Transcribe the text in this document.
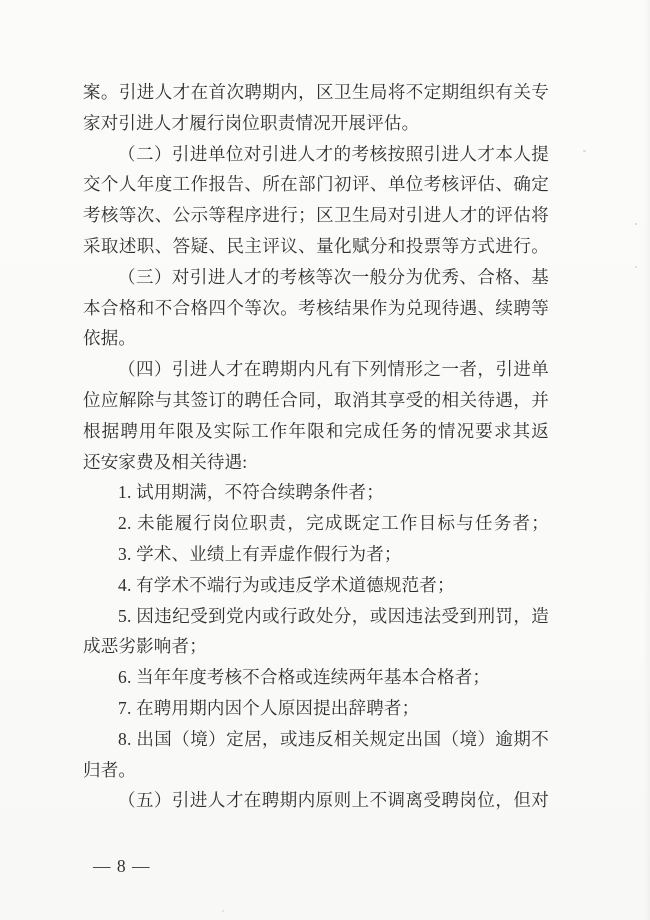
案。引进人才在首次聘期内，区卫生局将不定期组织有关专
家对引进人才履行岗位职责情况开展评估。
（二）引进单位对引进人才的考核按照引进人才本人提
交个人年度工作报告、所在部门初评、单位考核评估、确定
考核等次、公示等程序进行；区卫生局对引进人才的评估将
采取述职、答疑、民主评议、量化赋分和投票等方式进行。
（三）对引进人才的考核等次一般分为优秀、合格、基
本合格和不合格四个等次。考核结果作为兑现待遇、续聘等
依据。
（四）引进人才在聘期内凡有下列情形之一者，引进单
位应解除与其签订的聘任合同，取消其享受的相关待遇，并
根据聘用年限及实际工作年限和完成任务的情况要求其返
还安家费及相关待遇:
1. 试用期满，不符合续聘条件者；
2. 未能履行岗位职责，完成既定工作目标与任务者；
3. 学术、业绩上有弄虚作假行为者；
4. 有学术不端行为或违反学术道德规范者；
5. 因违纪受到党内或行政处分，或因违法受到刑罚，造
成恶劣影响者；
6. 当年年度考核不合格或连续两年基本合格者；
7. 在聘用期内因个人原因提出辞聘者；
8. 出国（境）定居，或违反相关规定出国（境）逾期不
归者。
（五）引进人才在聘期内原则上不调离受聘岗位，但对
— 8 —
